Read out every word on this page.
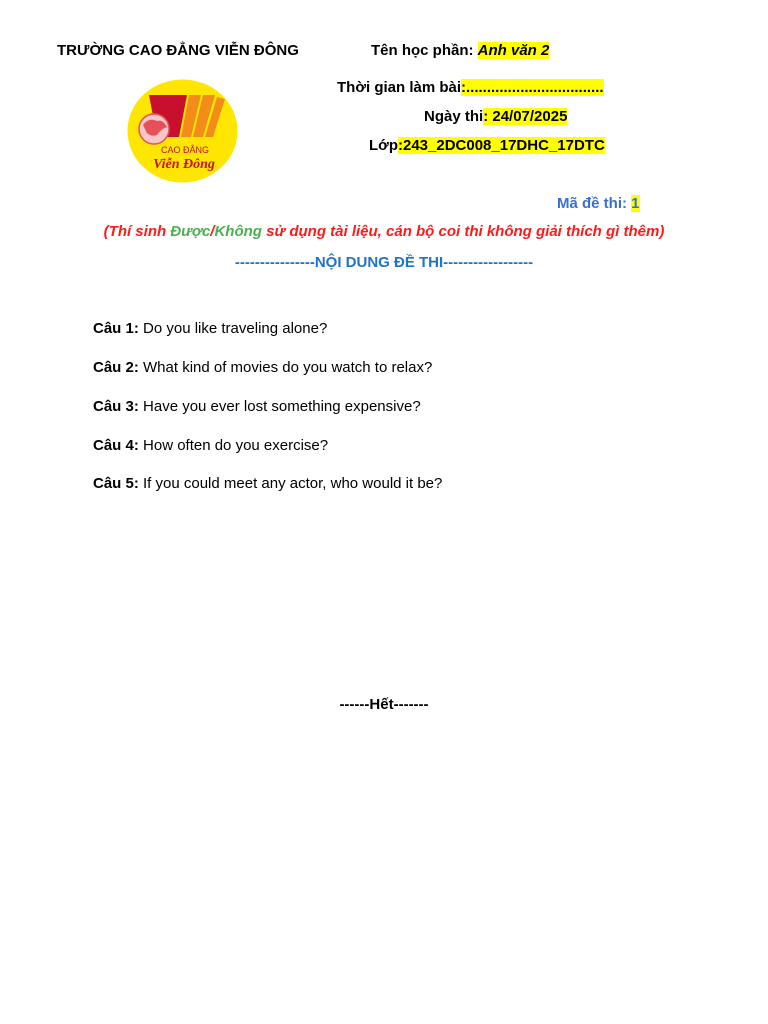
TRƯỜNG CAO ĐẲNG VIỄN ĐÔNG	Tên học phần: Anh văn 2
CAO ĐẲNG
Viễn Đông
Thời gian làm bài:.................................
Ngày thi: 24/07/2025
Lớp:243_2DC008_17DHC_17DTC
Mã đề thi: 1
(Thí sinh Được/Không sử dụng tài liệu, cán bộ coi thi không giải thích gì thêm)
----------------NỘI DUNG ĐỀ THI------------------
Câu 1: Do you like traveling alone?
Câu 2: What kind of movies do you watch to relax?
Câu 3: Have you ever lost something expensive?
Câu 4: How often do you exercise?
Câu 5: If you could meet any actor, who would it be?
------Hết-------
